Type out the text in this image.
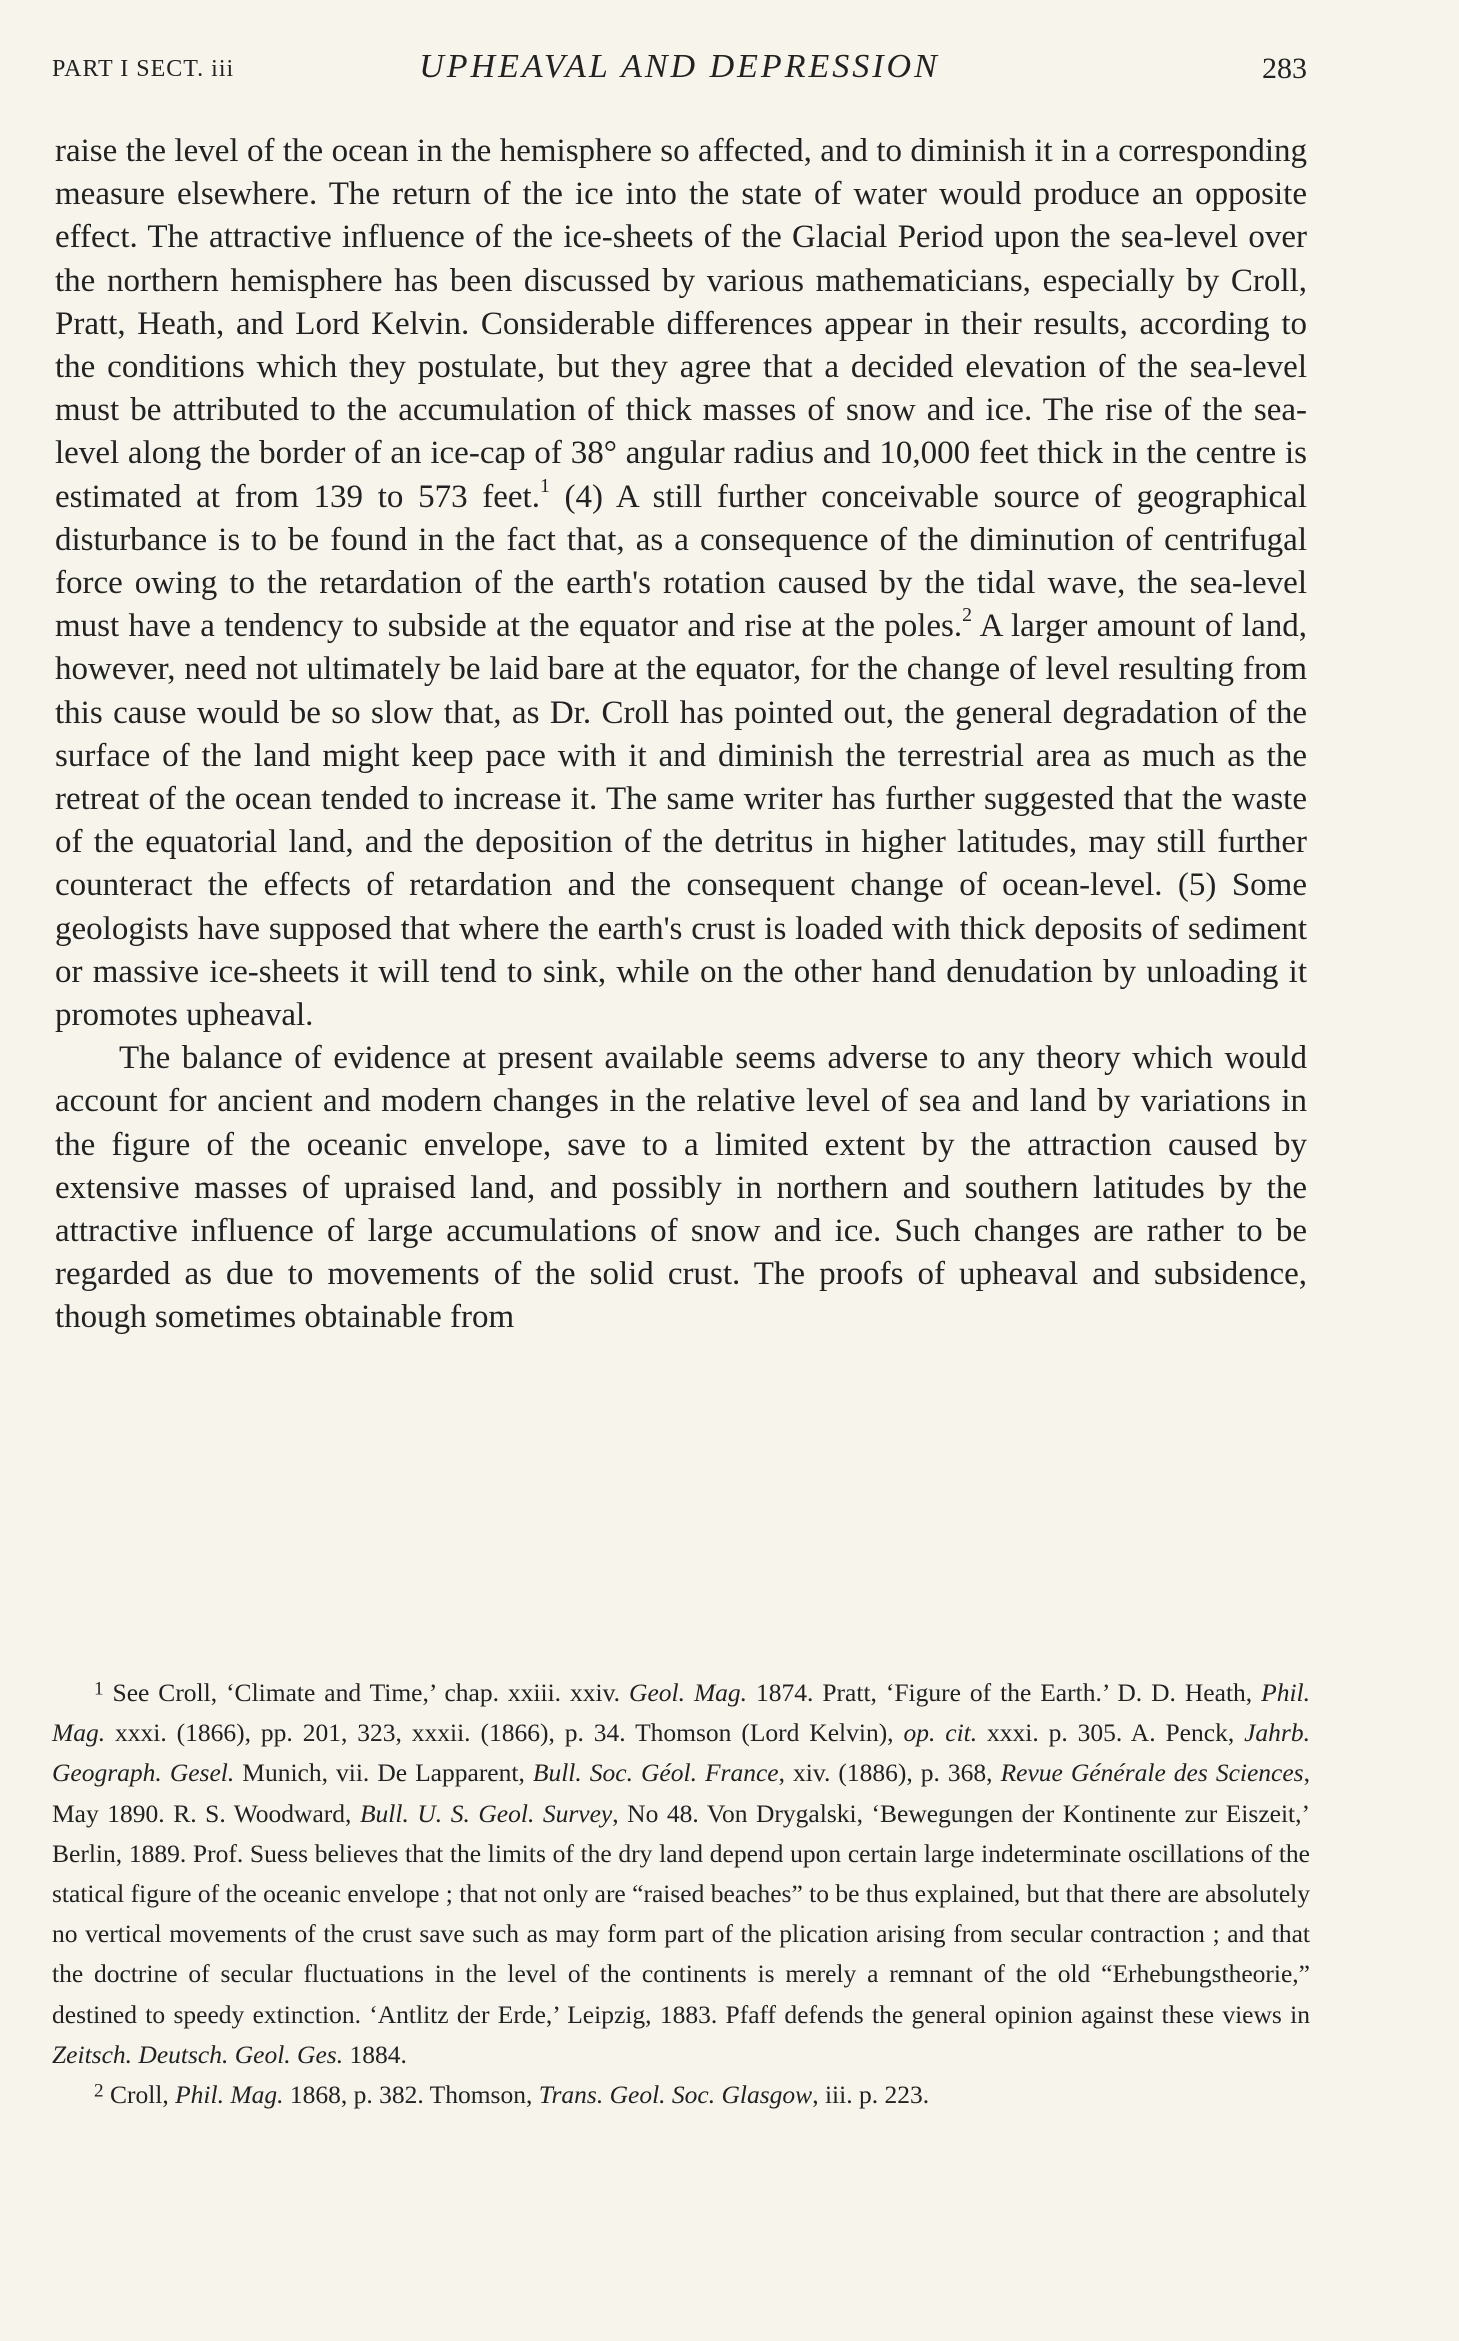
PART I SECT. iii	UPHEAVAL AND DEPRESSION	283

raise the level of the ocean in the hemisphere so affected, and to diminish it in a corresponding measure elsewhere. The return of the ice into the state of water would produce an opposite effect. The attractive influence of the ice-sheets of the Glacial Period upon the sea-level over the northern hemisphere has been discussed by various mathematicians, especially by Croll, Pratt, Heath, and Lord Kelvin. Considerable differences appear in their results, according to the conditions which they postulate, but they agree that a decided elevation of the sea-level must be attributed to the accumulation of thick masses of snow and ice. The rise of the sea-level along the border of an ice-cap of 38° angular radius and 10,000 feet thick in the centre is estimated at from 139 to 573 feet.$^1$ (4) A still further conceivable source of geographical disturbance is to be found in the fact that, as a consequence of the diminution of centrifugal force owing to the retardation of the earth's rotation caused by the tidal wave, the sea-level must have a tendency to subside at the equator and rise at the poles.$^2$ A larger amount of land, however, need not ultimately be laid bare at the equator, for the change of level resulting from this cause would be so slow that, as Dr. Croll has pointed out, the general degradation of the surface of the land might keep pace with it and diminish the terrestrial area as much as the retreat of the ocean tended to increase it. The same writer has further suggested that the waste of the equatorial land, and the deposition of the detritus in higher latitudes, may still further counteract the effects of retardation and the consequent change of ocean-level. (5) Some geologists have supposed that where the earth's crust is loaded with thick deposits of sediment or massive ice-sheets it will tend to sink, while on the other hand denudation by unloading it promotes upheaval.

The balance of evidence at present available seems adverse to any theory which would account for ancient and modern changes in the relative level of sea and land by variations in the figure of the oceanic envelope, save to a limited extent by the attraction caused by extensive masses of upraised land, and possibly in northern and southern latitudes by the attractive influence of large accumulations of snow and ice. Such changes are rather to be regarded as due to movements of the solid crust. The proofs of upheaval and subsidence, though sometimes obtainable from

$^1$ See Croll, ‘Climate and Time,’ chap. xxiii. xxiv. Geol. Mag. 1874. Pratt, ‘Figure of the Earth.’ D. D. Heath, Phil. Mag. xxxi. (1866), pp. 201, 323, xxxii. (1866), p. 34. Thomson (Lord Kelvin), op. cit. xxxi. p. 305. A. Penck, Jahrb. Geograph. Gesel. Munich, vii. De Lapparent, Bull. Soc. Géol. France, xiv. (1886), p. 368, Revue Générale des Sciences, May 1890. R. S. Woodward, Bull. U. S. Geol. Survey, No 48. Von Drygalski, ‘Bewegungen der Kontinente zur Eiszeit,’ Berlin, 1889. Prof. Suess believes that the limits of the dry land depend upon certain large indeterminate oscillations of the statical figure of the oceanic envelope ; that not only are “raised beaches” to be thus explained, but that there are absolutely no vertical movements of the crust save such as may form part of the plication arising from secular contraction ; and that the doctrine of secular fluctuations in the level of the continents is merely a remnant of the old “Erhebungstheorie,” destined to speedy extinction. ‘Antlitz der Erde,’ Leipzig, 1883. Pfaff defends the general opinion against these views in Zeitsch. Deutsch. Geol. Ges. 1884.

$^2$ Croll, Phil. Mag. 1868, p. 382. Thomson, Trans. Geol. Soc. Glasgow, iii. p. 223.
